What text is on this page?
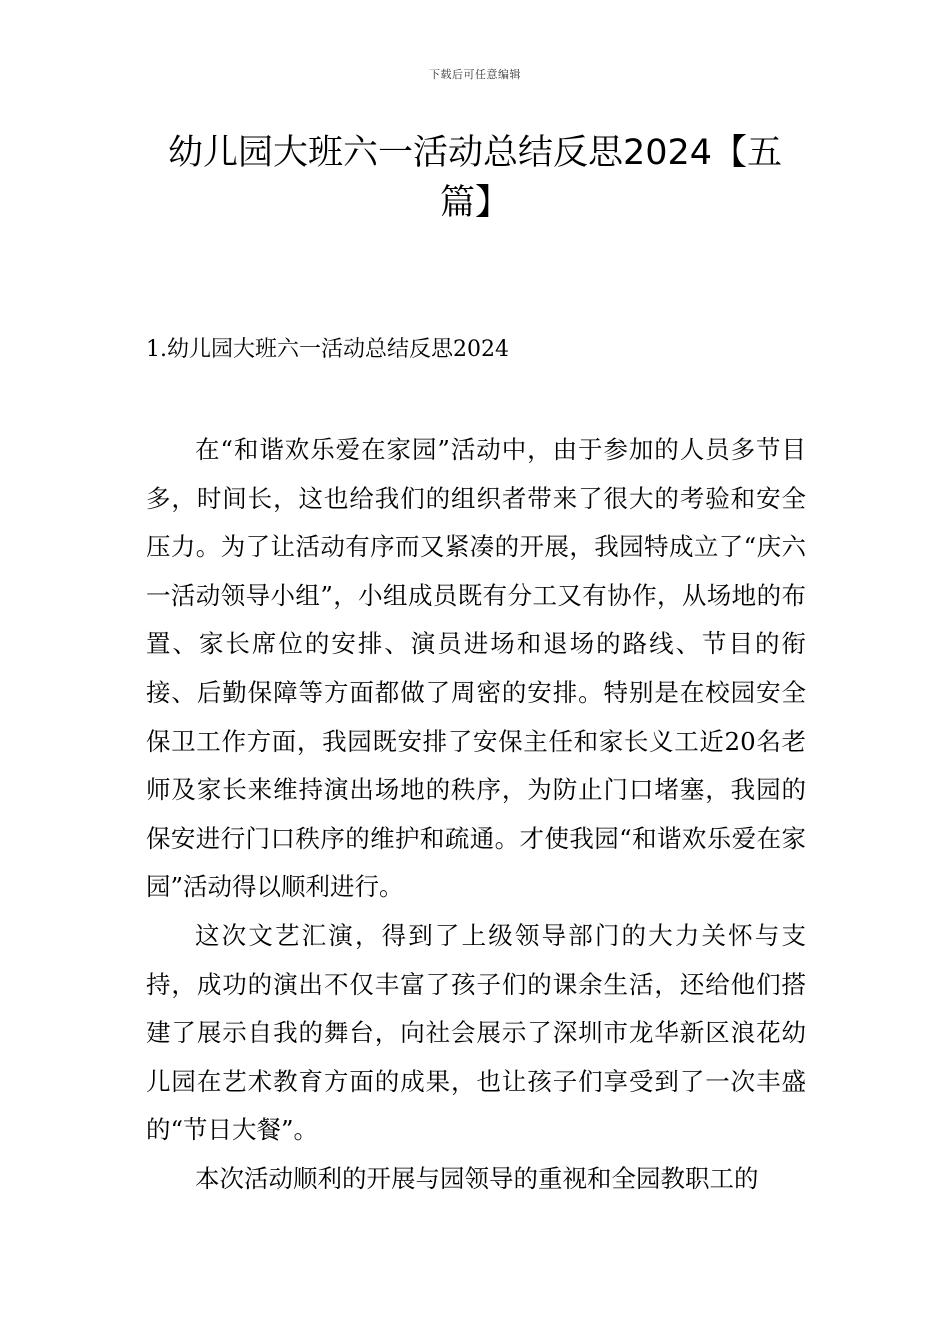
下载后可任意编辑
幼儿园大班六一活动总结反思2024【五篇】
1.幼儿园大班六一活动总结反思2024

在“和谐欢乐爱在家园”活动中，由于参加的人员多节目多，时间长，这也给我们的组织者带来了很大的考验和安全压力。为了让活动有序而又紧凑的开展，我园特成立了“庆六一活动领导小组”，小组成员既有分工又有协作，从场地的布置、家长席位的安排、演员进场和退场的路线、节目的衔接、后勤保障等方面都做了周密的安排。特别是在校园安全保卫工作方面，我园既安排了安保主任和家长义工近20名老师及家长来维持演出场地的秩序，为防止门口堵塞，我园的保安进行门口秩序的维护和疏通。才使我园“和谐欢乐爱在家园”活动得以顺利进行。

这次文艺汇演，得到了上级领导部门的大力关怀与支持，成功的演出不仅丰富了孩子们的课余生活，还给他们搭建了展示自我的舞台，向社会展示了深圳市龙华新区浪花幼儿园在艺术教育方面的成果，也让孩子们享受到了一次丰盛的“节日大餐”。

本次活动顺利的开展与园领导的重视和全园教职工的
